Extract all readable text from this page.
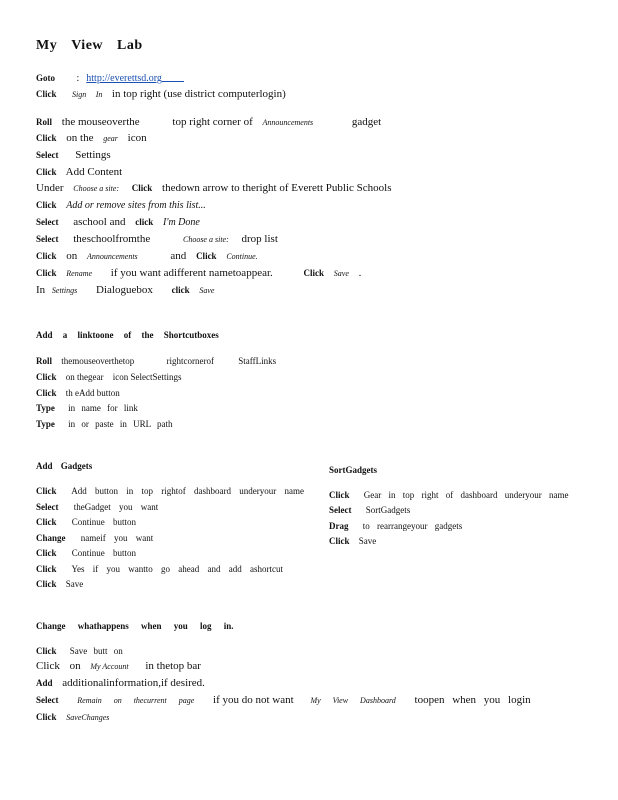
My View Lab
Goto : http://everettsd.org
Click Sign In in top right (use district computerlogin)
Roll the mouseoverthe	top right corner of Announcements	gadget
Click on the gear icon
Select Settings
Click Add Content
Under Choose a site: Click thedown arrow to theright of Everett Public Schools
Click Add or remove sites from this list...
Select aschool and click I'm Done
Select theschoolfromthe	Choose a site: drop list
Click on Announcements	and Click Continue.
Click Rename if you want adifferent nametoappear.	Click Save .
In Settings Dialoguebox click Save
Add a linktoone of the Shortcutboxes
Roll themouseoverthetop	rightcornerof	StaffLinks
Click on thegear icon SelectSettings
Click th eAdd button
Type in name for link
Type in or paste in URL path
Add Gadgets
Click Add button in top rightof dashboard underyour name
Select theGadget you want
Click Continue button
Change nameif you want
Click Continue button
Click Yes if you wantto go ahead and add ashortcut
Click Save
SortGadgets
Click Gear in top right of dashboard underyour name
Select SortGadgets
Drag to rearrangeyour gadgets
Click Save
Change whathappens when you log in.
Click Save butt on
Click on My Account in thetop bar
Add additionalinformation,if desired.
Select Remain on thecurrent page if you do not want My View Dashboard toopen when you login
Click SaveChanges
